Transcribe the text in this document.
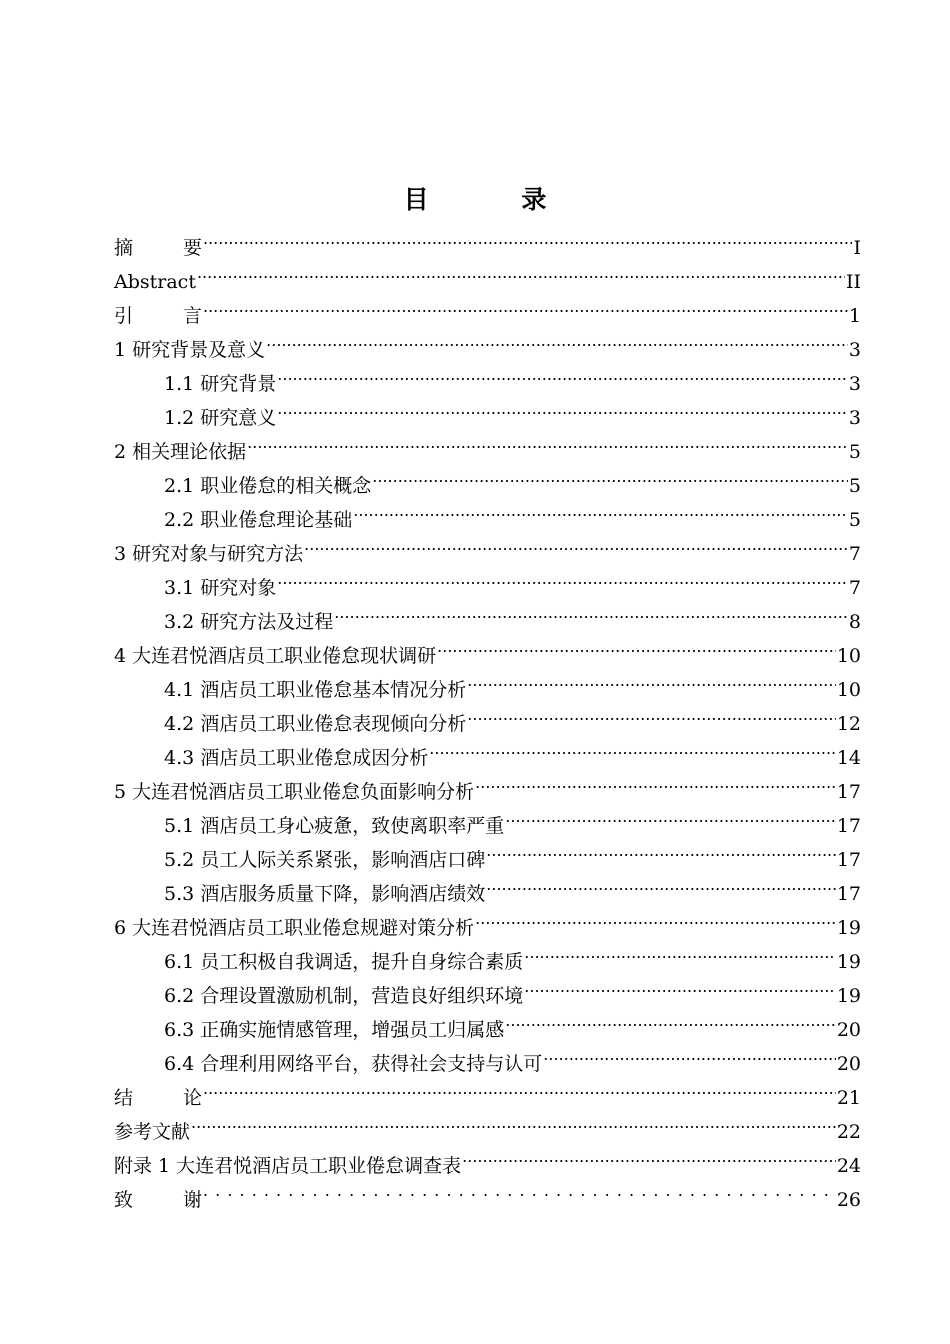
目 录
摘 要 .....	I
Abstract .....	II
引 言 .....	1
1 研究背景及意义 .....	3
1.1 研究背景 .....	3
1.2 研究意义 .....	3
2 相关理论依据 .....	5
2.1 职业倦怠的相关概念 .....	5
2.2 职业倦怠理论基础 .....	5
3 研究对象与研究方法 .....	7
3.1 研究对象 .....	7
3.2 研究方法及过程 .....	8
4 大连君悦酒店员工职业倦怠现状调研 .....	10
4.1 酒店员工职业倦怠基本情况分析 .....	10
4.2 酒店员工职业倦怠表现倾向分析 .....	12
4.3 酒店员工职业倦怠成因分析 .....	14
5 大连君悦酒店员工职业倦怠负面影响分析 .....	17
5.1 酒店员工身心疲惫，致使离职率严重 .....	17
5.2 员工人际关系紧张，影响酒店口碑 .....	17
5.3 酒店服务质量下降，影响酒店绩效 .....	17
6 大连君悦酒店员工职业倦怠规避对策分析 .....	19
6.1 员工积极自我调适，提升自身综合素质 .....	19
6.2 合理设置激励机制，营造良好组织环境 .....	19
6.3 正确实施情感管理，增强员工归属感 .....	20
6.4 合理利用网络平台，获得社会支持与认可 .....	20
结 论 .....	21
参考文献 .....	22
附录 1 大连君悦酒店员工职业倦怠调查表 .....	24
致 谢 . . .	26
